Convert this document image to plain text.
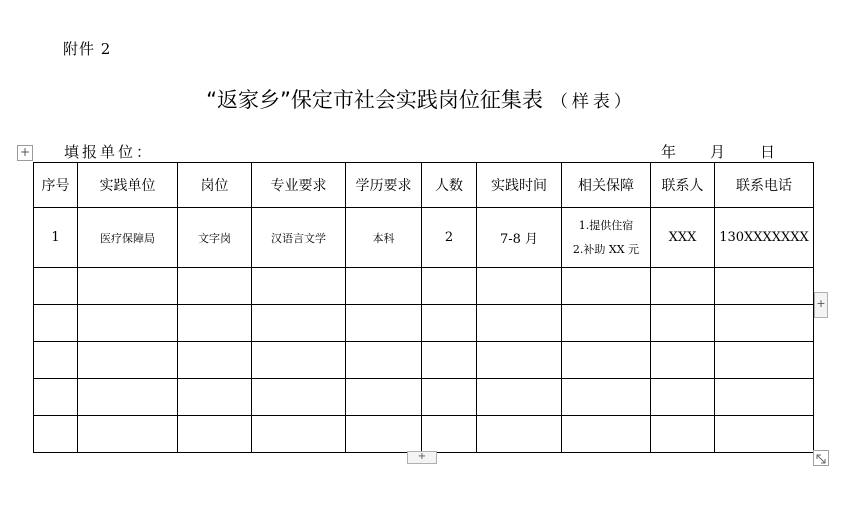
附件 2
“返家乡”保定市社会实践岗位征集表 （样表）
+ 填报单位：	年 月 日
序号	实践单位	岗位	专业要求	学历要求	人数	实践时间	相关保障	联系人	联系电话
1	医疗保障局	文字岗	汉语言文学	本科	2	7-8 月	1.提供住宿
2.补助 XX 元	XXX	130XXXXXXX

+
+
